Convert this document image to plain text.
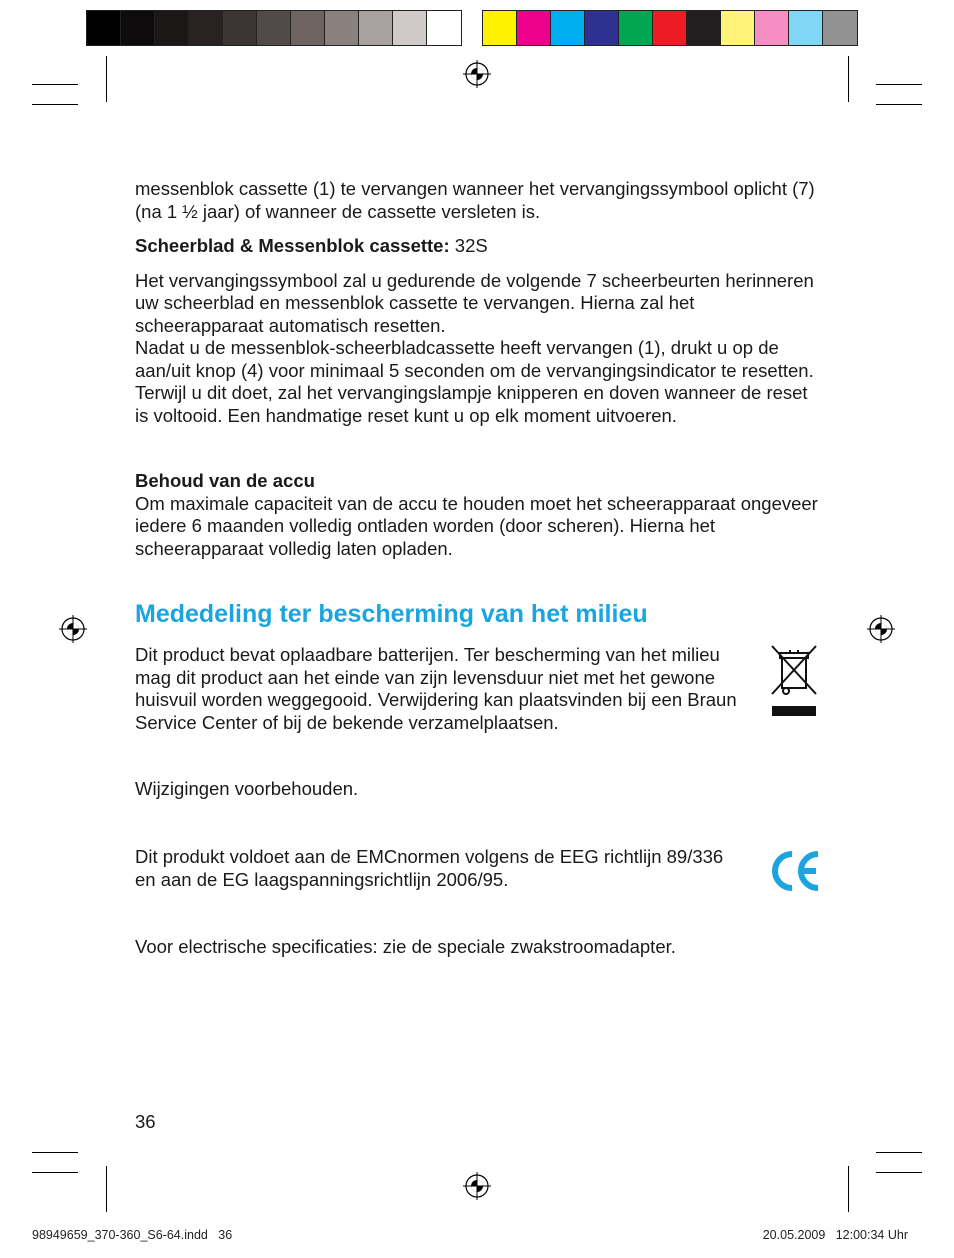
messenblok cassette (1) te vervangen wanneer het vervangingssymbool oplicht (7) (na 1 ½ jaar) of wanneer de cassette versleten is.

Scheerblad & Messenblok cassette: 32S

Het vervangingssymbool zal u gedurende de volgende 7 scheerbeurten herinneren uw scheerblad en messenblok cassette te vervangen. Hierna zal het scheerapparaat automatisch resetten.

Nadat u de messenblok-scheerbladcassette heeft vervangen (1), drukt u op de aan/uit knop (4) voor minimaal 5 seconden om de vervangingsindicator te resetten.

Terwijl u dit doet, zal het vervangingslampje knipperen en doven wanneer de reset is voltooid. Een handmatige reset kunt u op elk moment uitvoeren.

Behoud van de accu

Om maximale capaciteit van de accu te houden moet het scheerapparaat ongeveer iedere 6 maanden volledig ontladen worden (door scheren). Hierna het scheerapparaat volledig laten opladen.

Mededeling ter bescherming van het milieu
Dit product bevat oplaadbare batterijen. Ter bescherming van het milieu mag dit product aan het einde van zijn levensduur niet met het gewone huisvuil worden weggegooid. Verwijdering kan plaatsvinden bij een Braun Service Center of bij de bekende verzamelplaatsen.
Wijzigingen voorbehouden.
Dit produkt voldoet aan de EMCnormen volgens de EEG richtlijn 89/336 en aan de EG laagspanningsrichtlijn 2006/95.
Voor electrische specificaties: zie de speciale zwakstroomadapter.
36
98949659_370-360_S6-64.indd   36	20.05.2009   12:00:34 Uhr
